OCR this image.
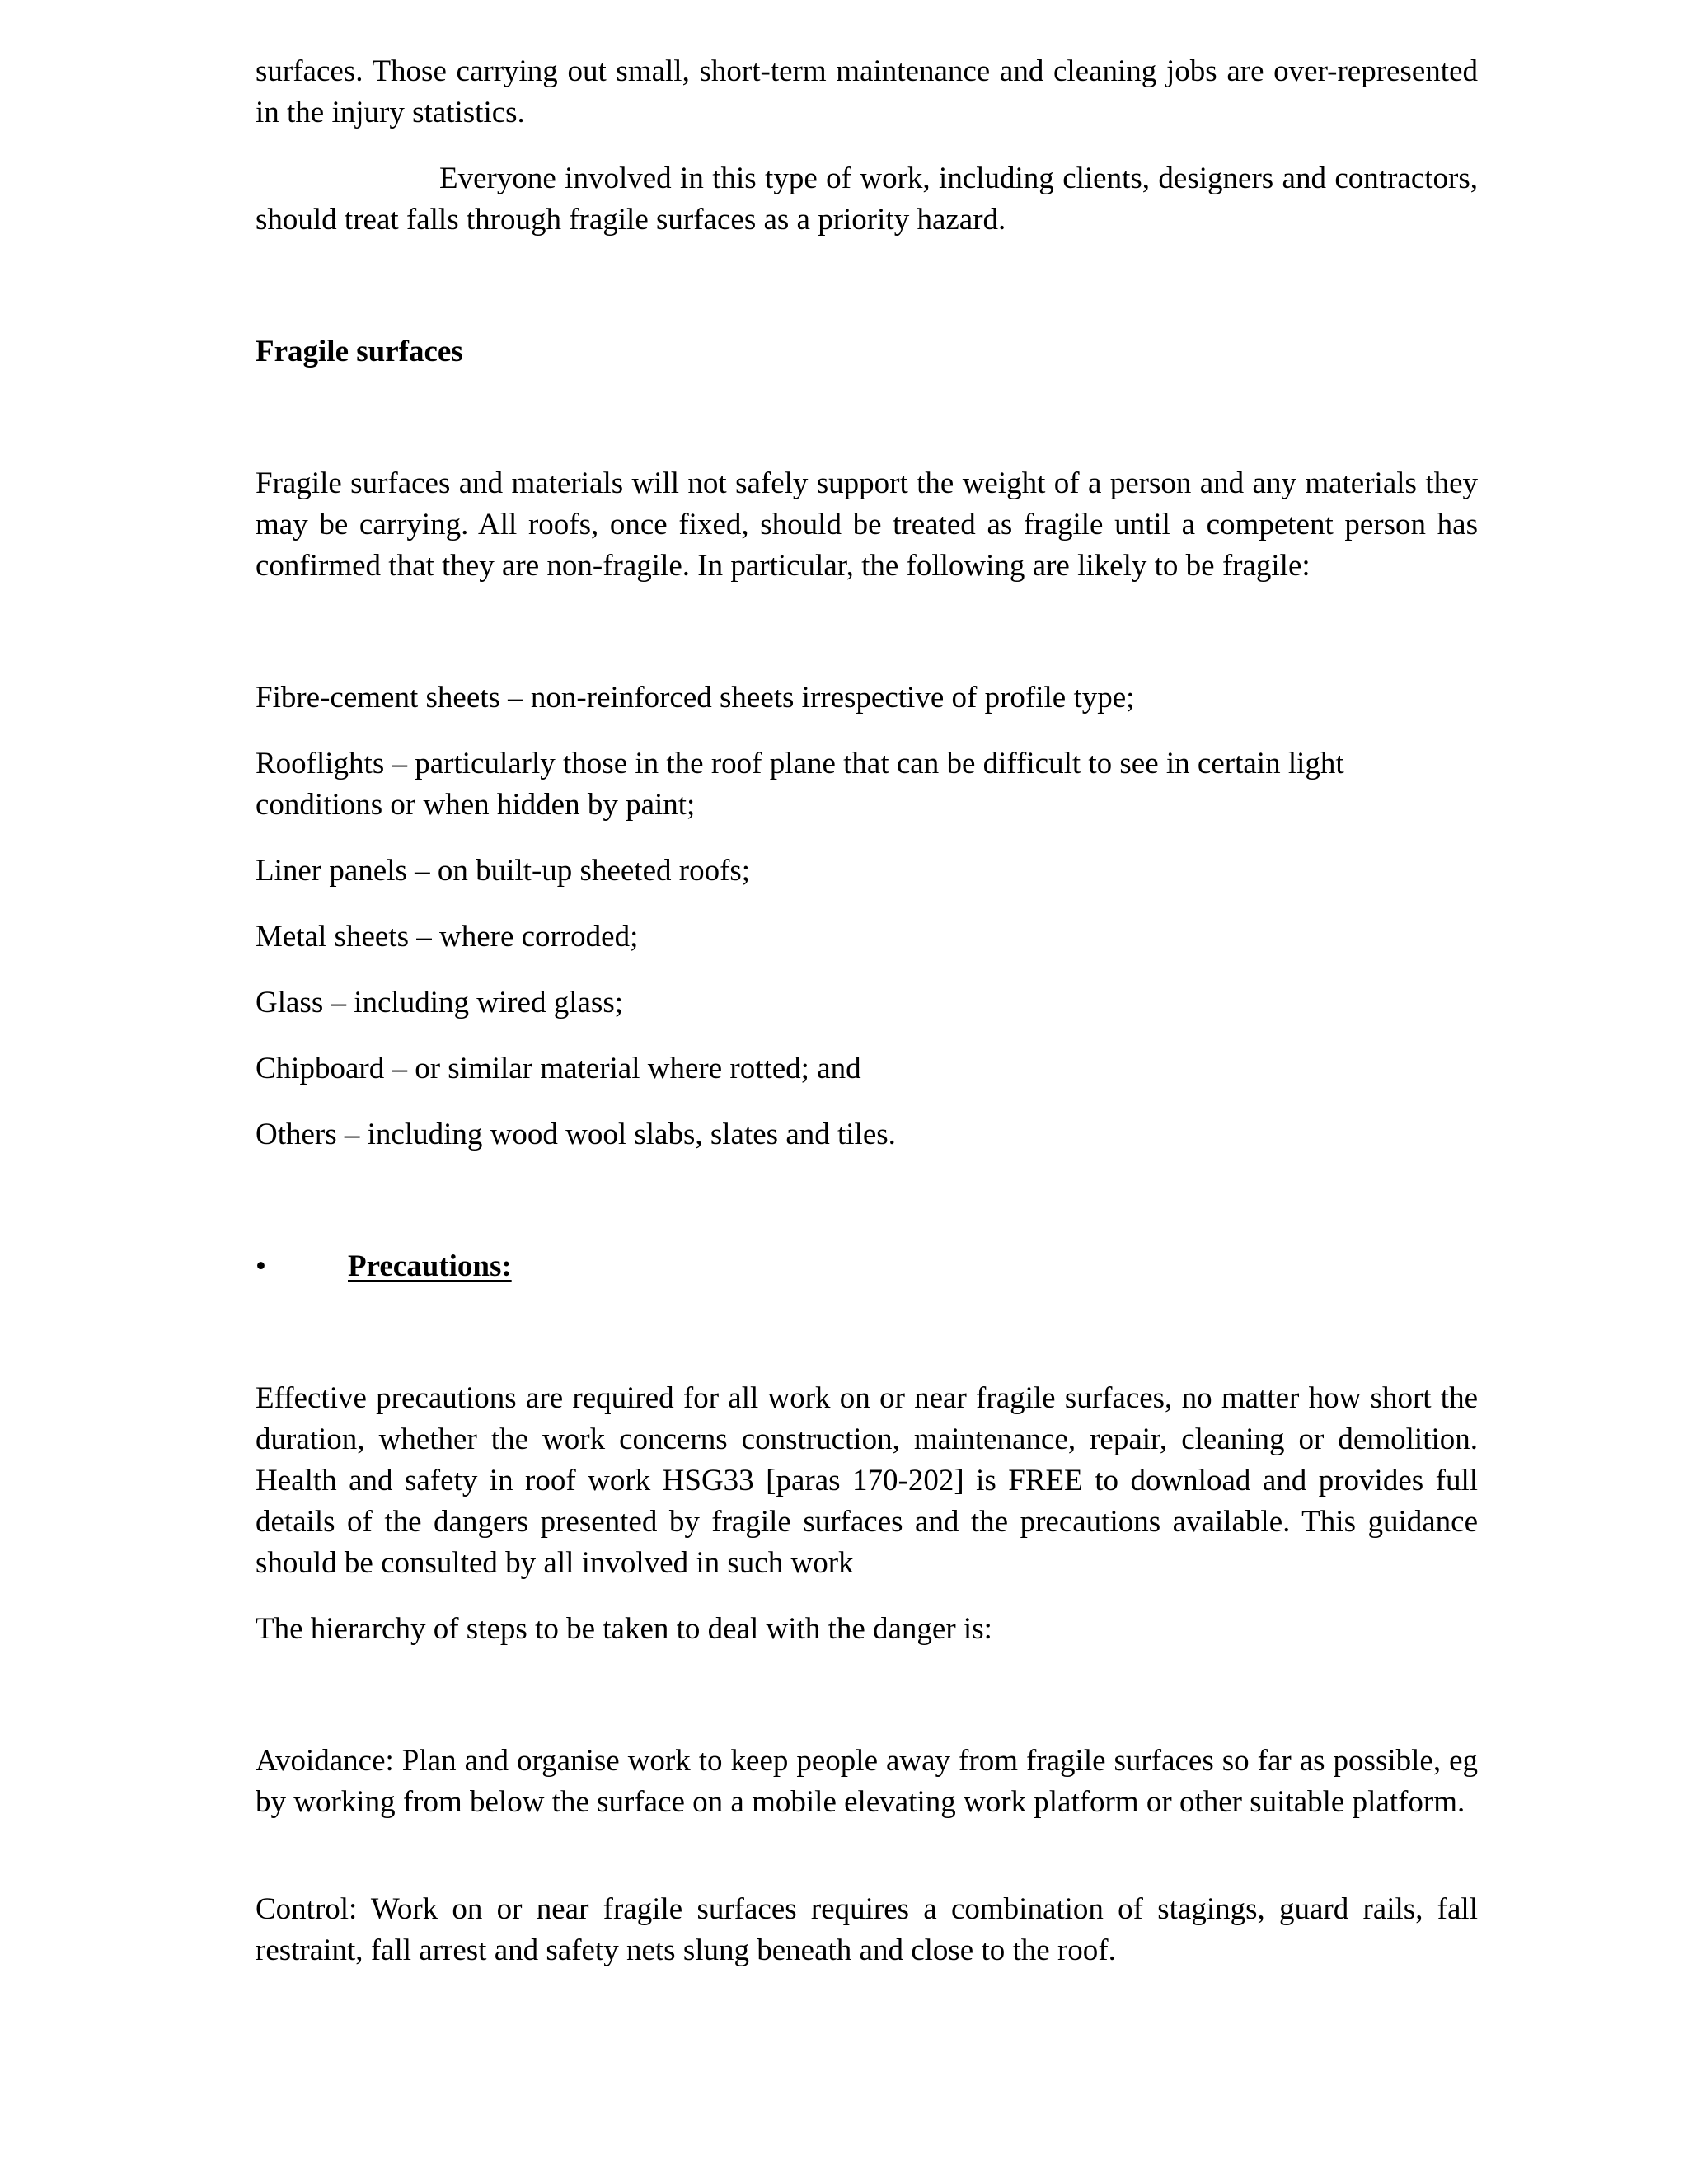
surfaces. Those carrying out small, short-term maintenance and cleaning jobs are over-represented in the injury statistics.

Everyone involved in this type of work, including clients, designers and contractors, should treat falls through fragile surfaces as a priority hazard.

Fragile surfaces

Fragile surfaces and materials will not safely support the weight of a person and any materials they may be carrying. All roofs, once fixed, should be treated as fragile until a competent person has confirmed that they are non-fragile. In particular, the following are likely to be fragile:

Fibre-cement sheets – non-reinforced sheets irrespective of profile type;

Rooflights – particularly those in the roof plane that can be difficult to see in certain light conditions or when hidden by paint;

Liner panels – on built-up sheeted roofs;

Metal sheets – where corroded;

Glass – including wired glass;

Chipboard – or similar material where rotted; and

Others – including wood wool slabs, slates and tiles.

•	Precautions:

Effective precautions are required for all work on or near fragile surfaces, no matter how short the duration, whether the work concerns construction, maintenance, repair, cleaning or demolition. Health and safety in roof work HSG33 [paras 170-202] is FREE to download and provides full details of the dangers presented by fragile surfaces and the precautions available. This guidance should be consulted by all involved in such work

The hierarchy of steps to be taken to deal with the danger is:

Avoidance: Plan and organise work to keep people away from fragile surfaces so far as possible, eg by working from below the surface on a mobile elevating work platform or other suitable platform.

Control: Work on or near fragile surfaces requires a combination of stagings, guard rails, fall restraint, fall arrest and safety nets slung beneath and close to the roof.
